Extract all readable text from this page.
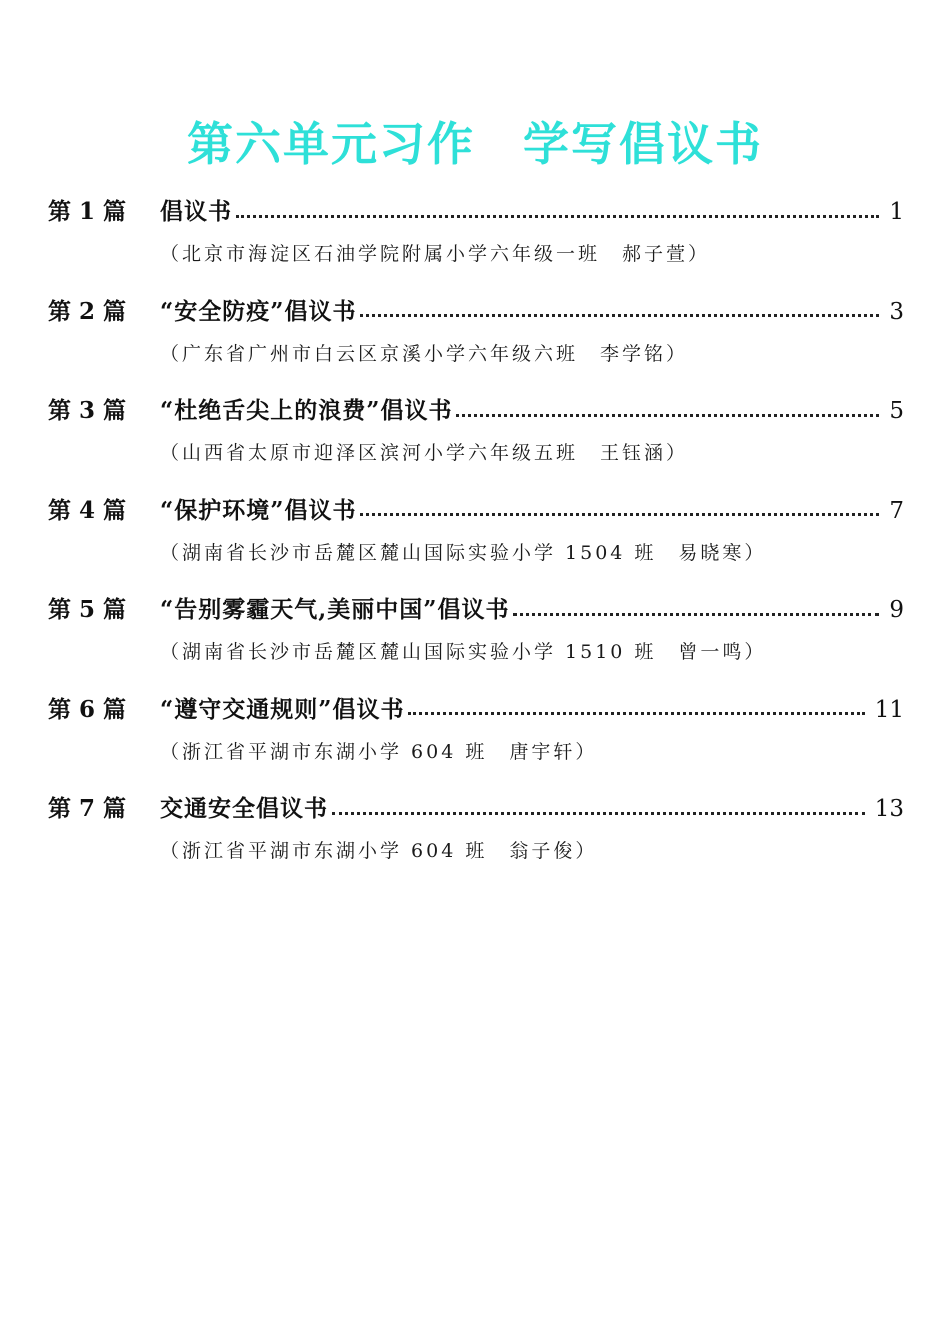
第六单元习作　学写倡议书
第 1 篇	倡议书	1
（北京市海淀区石油学院附属小学六年级一班　郝子萱）
第 2 篇	“安全防疫”倡议书	3
（广东省广州市白云区京溪小学六年级六班　李学铭）
第 3 篇	“杜绝舌尖上的浪费”倡议书	5
（山西省太原市迎泽区滨河小学六年级五班　王钰涵）
第 4 篇	“保护环境”倡议书	7
（湖南省长沙市岳麓区麓山国际实验小学 1504 班　易晓寒）
第 5 篇	“告别雾霾天气,美丽中国”倡议书	9
（湖南省长沙市岳麓区麓山国际实验小学 1510 班　曾一鸣）
第 6 篇	“遵守交通规则”倡议书	11
（浙江省平湖市东湖小学 604 班　唐宇轩）
第 7 篇	交通安全倡议书	13
（浙江省平湖市东湖小学 604 班　翁子俊）
